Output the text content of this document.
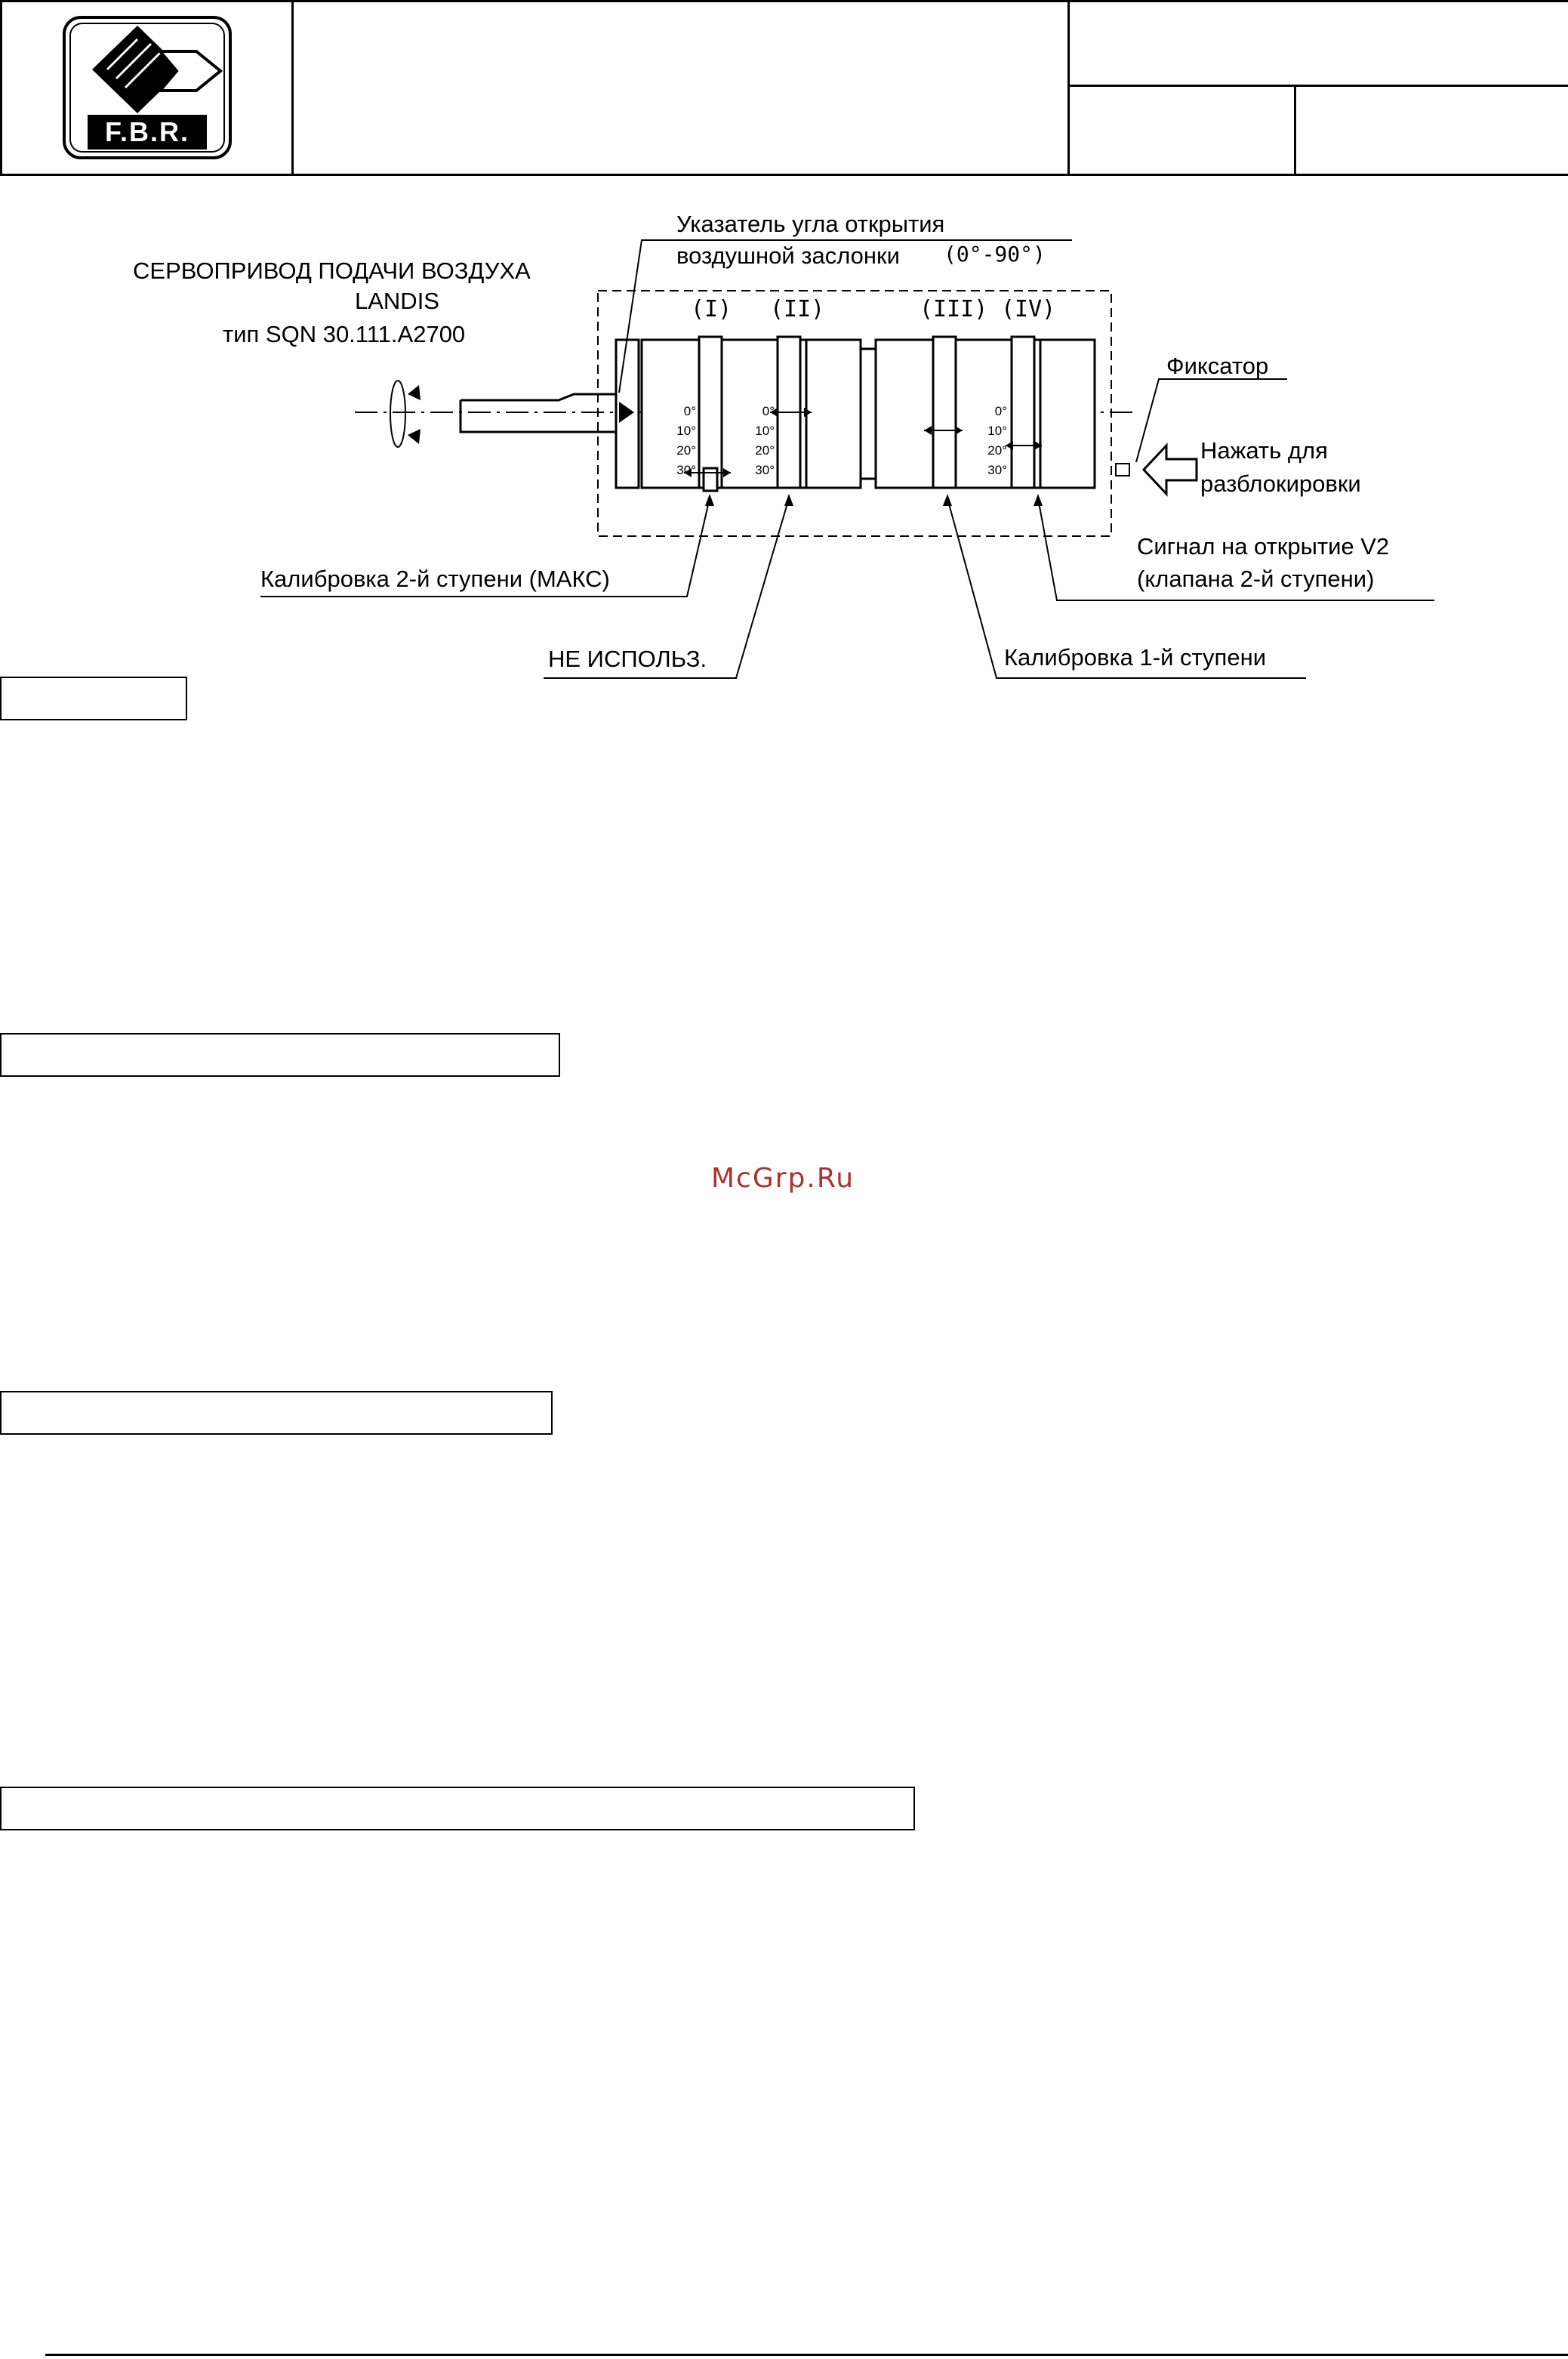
F.B.R.
СЕРВОПРИВОД ПОДАЧИ ВОЗДУХА
LANDIS
тип SQN 30.111.A2700
Указатель угла открытия
воздушной заслонки (0°-90°)
(I) (II)	(III) (IV)
0°
10°
20°
30°
0°
10°
20°
30°
0°
10°
20°
30°
Фиксатор
Нажать для
разблокировки
Сигнал на открытие V2
(клапана 2-й ступени)
Калибровка 2-й ступени (МАКС)
НЕ ИСПОЛЬЗ.	Калибровка 1-й ступени
McGrp.Ru
